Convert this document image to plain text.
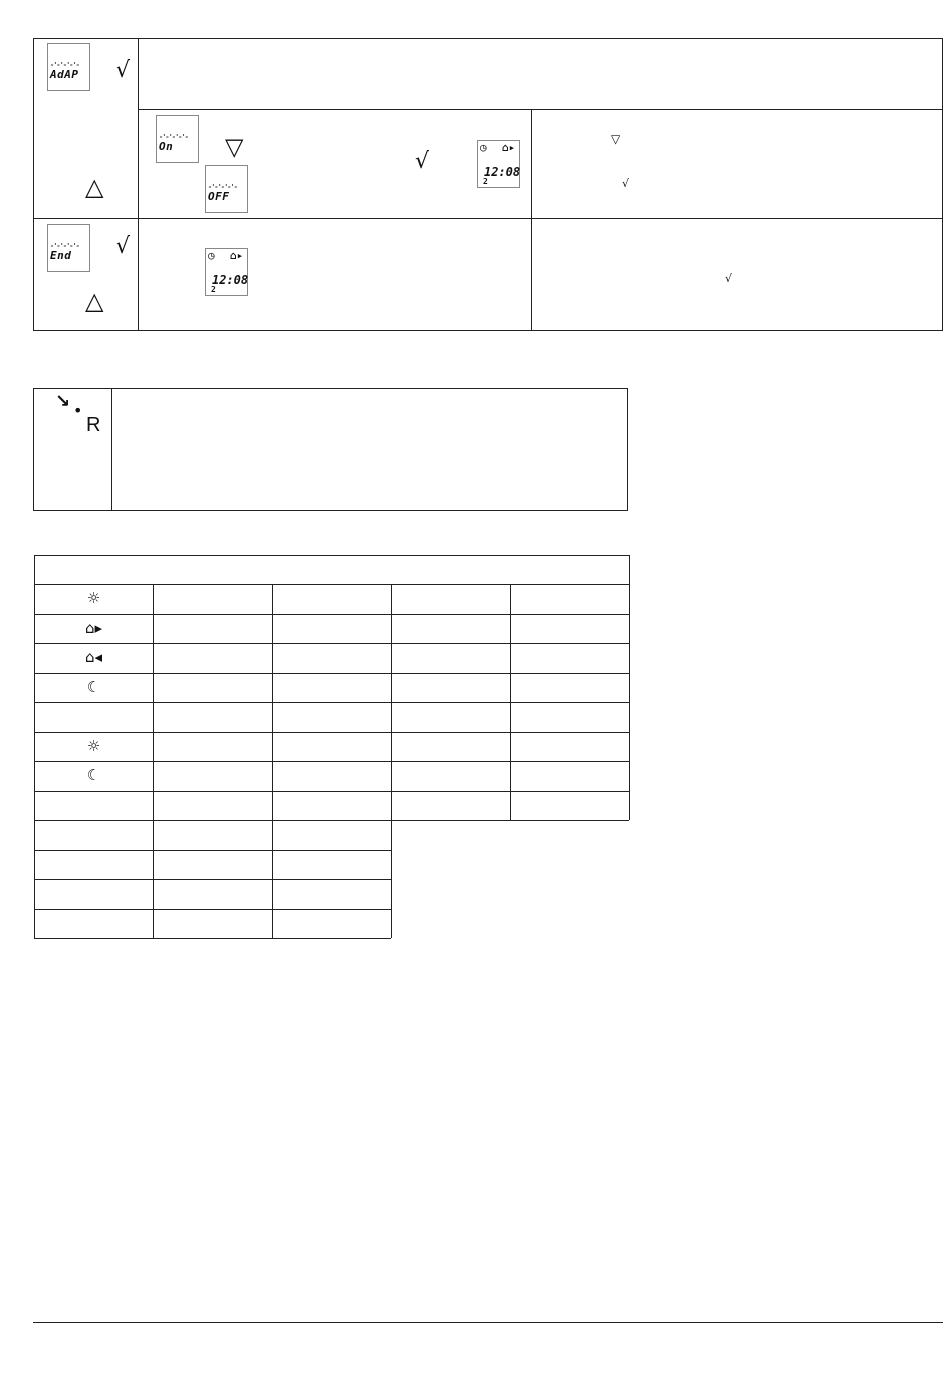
-'-'-'-'-
AdAP √
△
-'-'-'-'-
On
-'-'-'-'-
OFF
▽
√
◷ ⌂▸
12:08
2
▽
√
-'-'-'-'-
End √
△
◷ ⌂▸
12:08
2
√
↘ •
R
☼
⌂▸
⌂◂
☾
☼
☾
